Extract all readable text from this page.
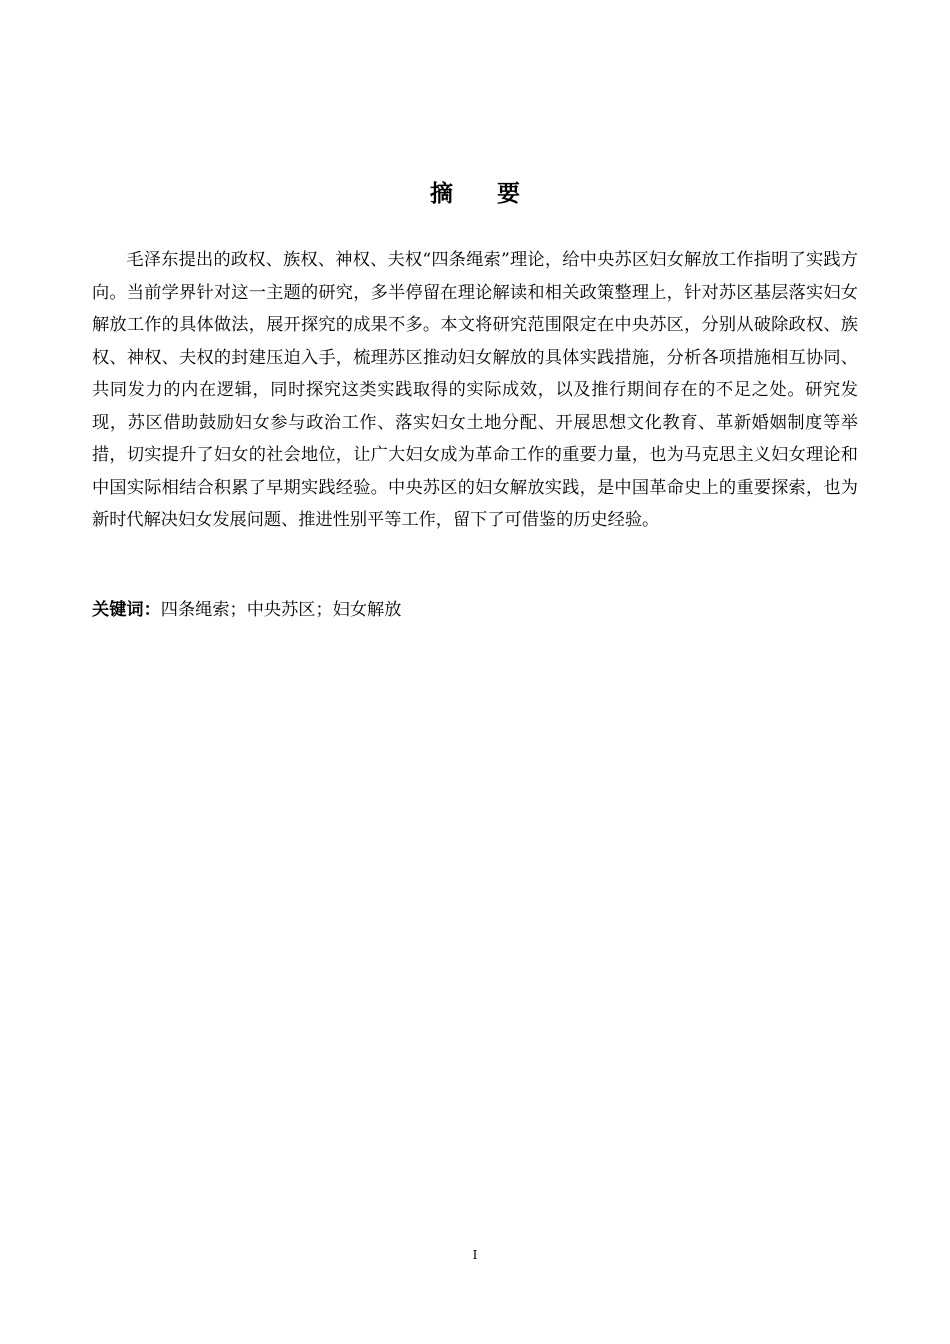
摘要

毛泽东提出的政权、族权、神权、夫权“四条绳索”理论，给中央苏区妇女解放工作指明了实践方向。当前学界针对这一主题的研究，多半停留在理论解读和相关政策整理上，针对苏区基层落实妇女解放工作的具体做法，展开探究的成果不多。本文将研究范围限定在中央苏区，分别从破除政权、族权、神权、夫权的封建压迫入手，梳理苏区推动妇女解放的具体实践措施，分析各项措施相互协同、共同发力的内在逻辑，同时探究这类实践取得的实际成效，以及推行期间存在的不足之处。研究发现，苏区借助鼓励妇女参与政治工作、落实妇女土地分配、开展思想文化教育、革新婚姻制度等举措，切实提升了妇女的社会地位，让广大妇女成为革命工作的重要力量，也为马克思主义妇女理论和中国实际相结合积累了早期实践经验。中央苏区的妇女解放实践，是中国革命史上的重要探索，也为新时代解决妇女发展问题、推进性别平等工作，留下了可借鉴的历史经验。

关键词：四条绳索；中央苏区；妇女解放

I
